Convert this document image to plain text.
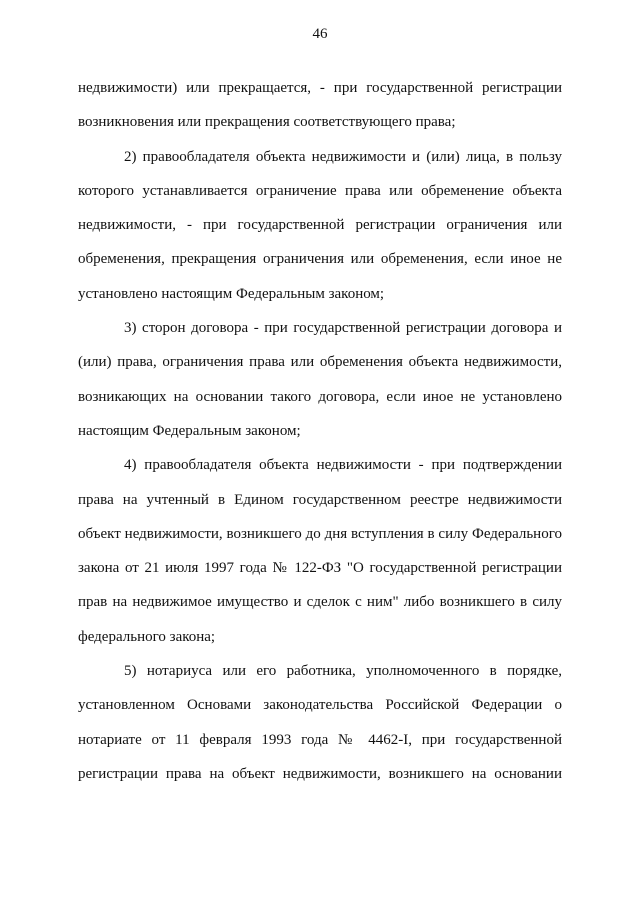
46

недвижимости) или прекращается, - при государственной регистрации
возникновения или прекращения соответствующего права;

2) правообладателя объекта недвижимости и (или) лица, в пользу
которого устанавливается ограничение права или обременение объекта
недвижимости, - при государственной регистрации ограничения или
обременения, прекращения ограничения или обременения, если иное не
установлено настоящим Федеральным законом;

3) сторон договора - при государственной регистрации договора и
(или) права, ограничения права или обременения объекта недвижимости,
возникающих на основании такого договора, если иное не установлено
настоящим Федеральным законом;

4) правообладателя объекта недвижимости - при подтверждении
права на учтенный в Едином государственном реестре недвижимости
объект недвижимости, возникшего до дня вступления в силу Федерального
закона от 21 июля 1997 года № 122-ФЗ "О государственной регистрации
прав на недвижимое имущество и сделок с ним" либо возникшего в силу
федерального закона;

5) нотариуса или его работника, уполномоченного в порядке,
установленном Основами законодательства Российской Федерации о
нотариате от 11 февраля 1993 года № 4462-I, при государственной
регистрации права на объект недвижимости, возникшего на основании
